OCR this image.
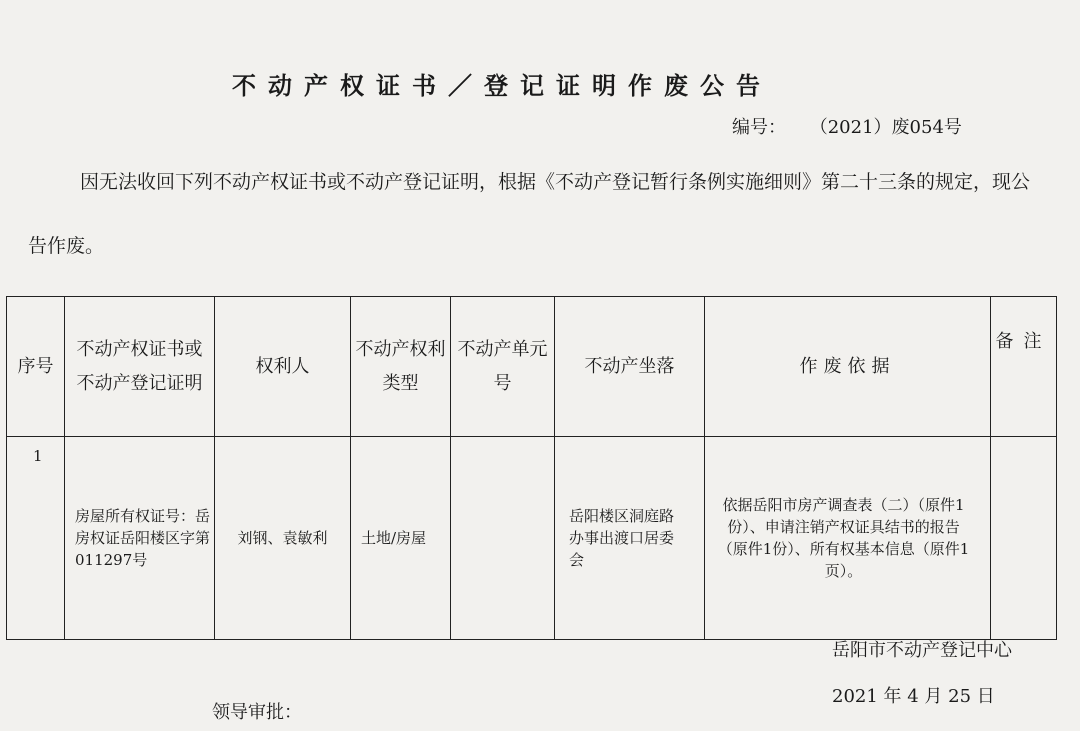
不动产权证书／登记证明作废公告
编号： （2021）废054号
因无法收回下列不动产权证书或不动产登记证明，根据《不动产登记暂行条例实施细则》第二十三条的规定，现公告作废。
序号	不动产权证书或不动产登记证明	权利人	不动产权利类型	不动产单元号	不动产坐落	作废依据	备注
1	房屋所有权证号：岳房权证岳阳楼区字第011297号	刘钢、袁敏利	土地/房屋		岳阳楼区洞庭路办事出渡口居委会	依据岳阳市房产调查表（二）（原件1份）、申请注销产权证具结书的报告（原件1份）、所有权基本信息（原件1页）。	
岳阳市不动产登记中心
2021 年 4 月 25 日
领导审批：
